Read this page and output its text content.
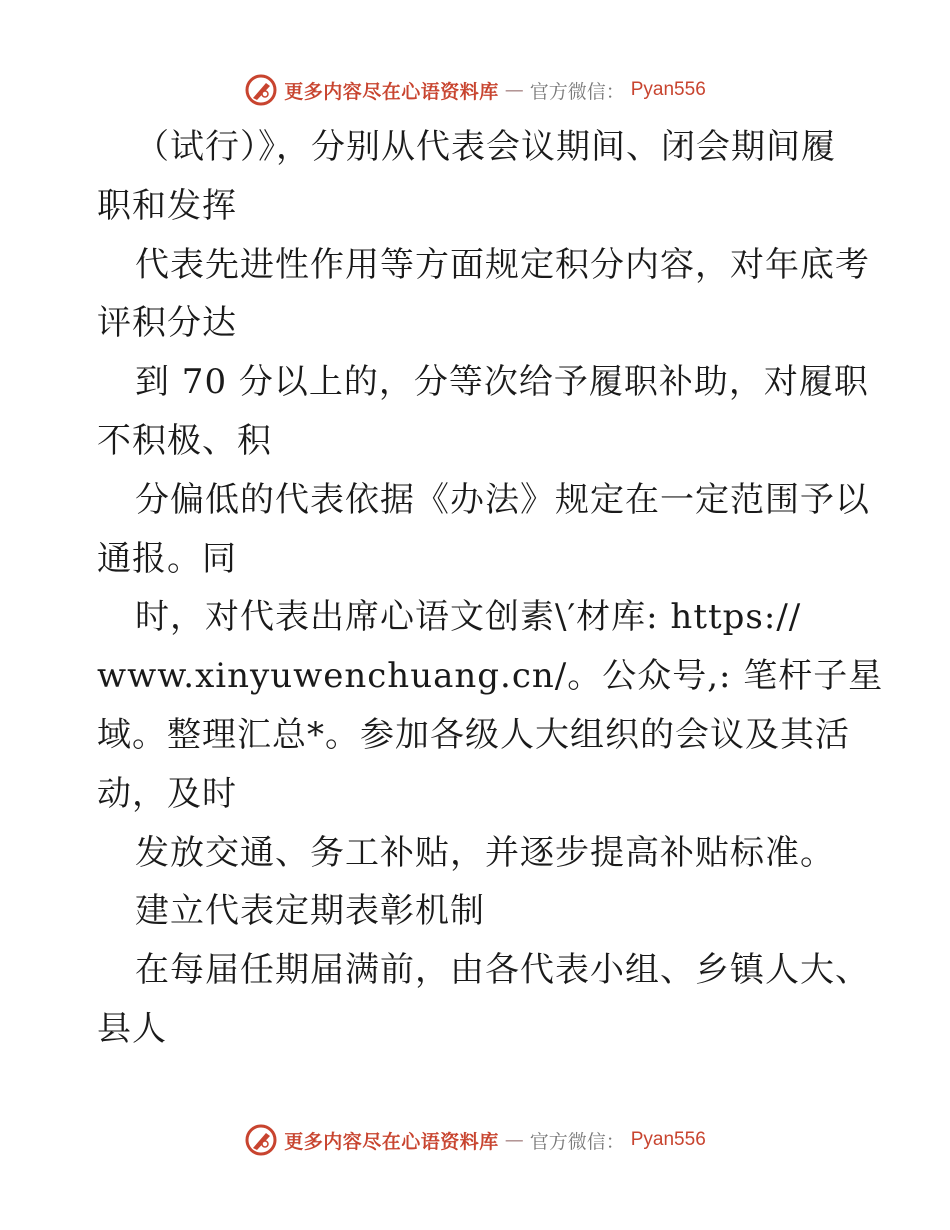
更多内容尽在心语资料库 — 官方微信： Pyan556
（试行）》，分别从代表会议期间、闭会期间履
职和发挥
代表先进性作用等方面规定积分内容，对年底考
评积分达
到 70 分以上的，分等次给予履职补助，对履职
不积极、积
分偏低的代表依据《办法》规定在一定范围予以
通报。同
时，对代表出席心语文创素\′材库: https://
www.xinyuwenchuang.cn/。公众号,: 笔杆子星
域。整理汇总*。参加各级人大组织的会议及其活
动，及时
发放交通、务工补贴，并逐步提高补贴标准。
建立代表定期表彰机制
在每届任期届满前，由各代表小组、乡镇人大、
县人
更多内容尽在心语资料库 — 官方微信： Pyan556
